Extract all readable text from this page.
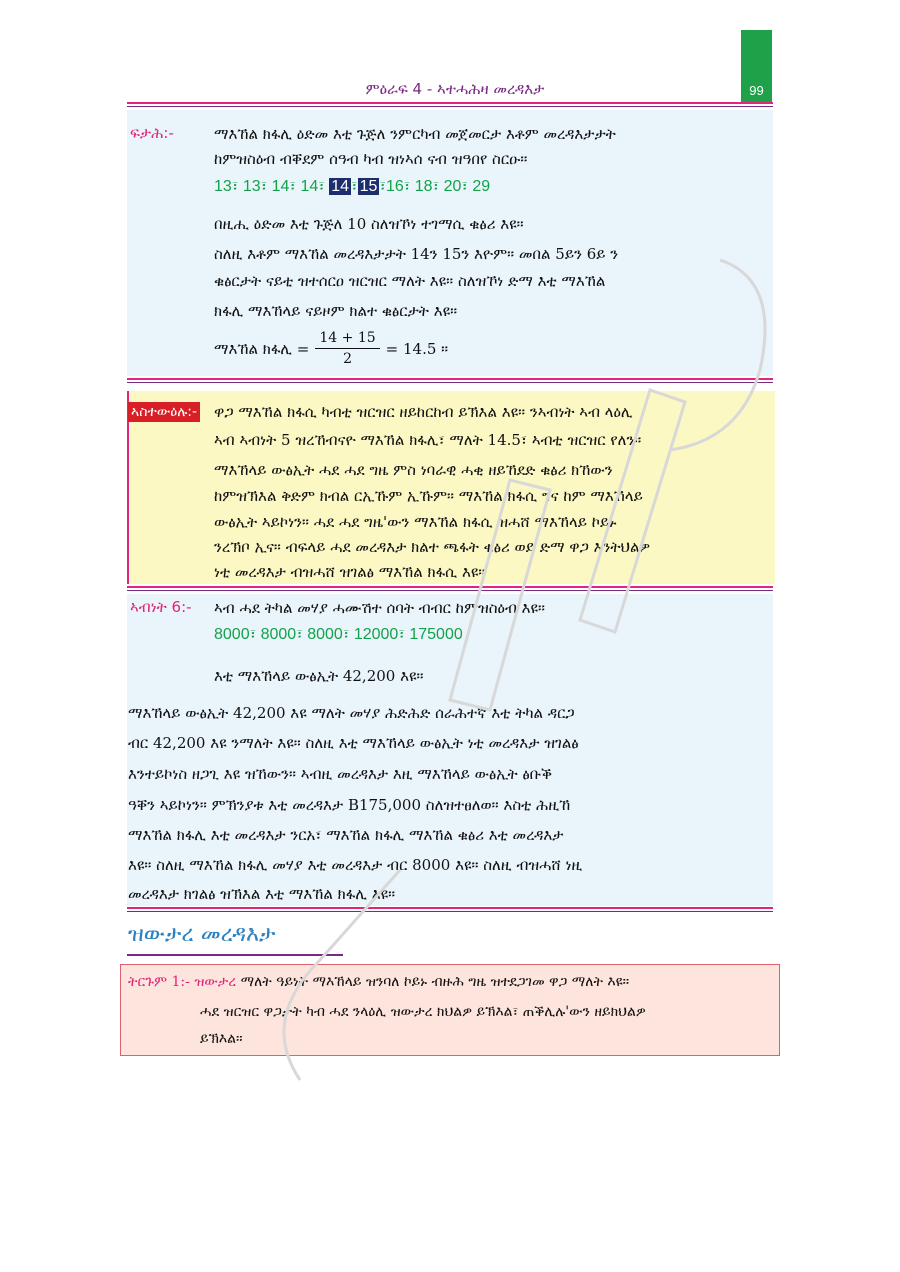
99
ምዕራፍ 4 - ኣተሓሕዛ መረዳእታ
ፍታሕ:-	ማእኸል ክፋሊ ዕድመ እቲ ጉጅለ ንምርካብ መጀመርታ እቶም መረዳእታታት
ከምዝስዕብ ብቐደም ሰዓብ ካብ ዝነኣሰ ናብ ዝዓበየ ስርዑ።
13፣ 13፣ 14፣ 14፣ 14 ፣ 15 ፣16፣ 18፣ 20፣ 29
በዚሒ ዕድመ እቲ ጉጅለ 10 ስለዝኾነ ተገማሲ ቁፅሪ እዩ።
ስለዚ እቶም ማእኸል መረዳእታታት 14ን 15ን እዮም። መበል 5ይን 6ይ ን
ቁፅርታት ናይቲ ዝተሰርዐ ዝርዝር ማለት እዩ። ስለዝኾነ ድማ እቲ ማእኸል
ክፋሊ ማእኸላይ ናይዞም ክልተ ቁፅርታት እዩ።
ማእኸል ክፋሊ = $\frac{14 + 15}{2} = 14.5$ ።
ኣስተውዕሉ:- ዋጋ ማእኸል ክፋሲ ካብቲ ዝርዝር ዘይከርከብ ይኽእል እዩ። ንኣብነት ኣብ ላዕሊ
ኣብ ኣብነት 5 ዝረኸብናዮ ማእኸል ክፋሊ፣ ማለት 14.5፣ ኣብቲ ዝርዝር የለን።
ማእኸላይ ውፅኢት ሓደ ሓደ ግዜ ምስ ነባራዊ ሓቂ ዘይኸደድ ቁፅሪ ክኸውን
ከምዝኽእል ቅድም ክብል ርኢኹም ኢኹም። ማእኸል ክፋሲ ግና ከም ማእኸላይ
ውፅኢት ኣይኮነን። ሓደ ሓደ ግዜ'ውን ማእኸል ክፋሲ ዝሓሸ ማእኸላይ ኮይኑ
ንረኽቦ ኢና። ብፍላይ ሓደ መረዳእታ ክልተ ጫፋት ቁፅሪ ወይ ድማ ዋጋ እንትህልዎ
ነቲ መረዳእታ ብዝሓሸ ዝገልፅ ማእኸል ክፋሲ እዩ።
ኣብነት 6:- ኣብ ሓደ ትካል መሃያ ሓሙሽተ ሰባት ብብር ከምዝስዕብ እዩ።
8000፣ 8000፣ 8000፣ 12000፣ 175000
እቲ ማእኸላይ ውፅኢት 42,200 እዩ።
ማእኸላይ ውፅኢት 42,200 እዩ ማለት መሃያ ሕድሕድ ሰራሕተኛ እቲ ትካል ዳርጋ
ብር 42,200 እዩ ንማለት እዩ። ስለዚ እቲ ማእኸላይ ውፅኢት ነቲ መረዳእታ ዝገልፅ
እንተይኮነስ ዘጋጊ እዩ ዝኸውን። ኣብዚ መረዳእታ እዚ ማእኸላይ ውፅኢት ፅቡቕ
ዓቐን ኣይኮነን። ምኽንያቱ እቲ መረዳእታ B175,000 ስለዝተፀለወ። እስቲ ሕዚኸ
ማእኸል ክፋሊ እቲ መረዳእታ ንርአ፣ ማእኸል ክፋሊ ማእኸል ቁፅሪ እቲ መረዳእታ
እዩ። ስለዚ ማእኸል ክፋሊ መሃያ እቲ መረዳእታ ብር 8000 እዩ። ስለዚ ብዝሓሸ ነዚ
መረዳእታ ክገልፅ ዝኽእል እቲ ማእኸል ክፋሊ እዩ።
ዝውታረ መረዳእታ
ትርጉም 1:- ዝውታረ ማለት ዓይነት ማእኸላይ ዝንባለ ኮይኑ ብዙሕ ግዜ ዝተደጋገመ ዋጋ ማለት እዩ።
ሓደ ዝርዝር ዋጋታት ካብ ሓደ ንላዕሊ ዝውታረ ክህልዎ ይኽእል፣ ጠቕሊሉ'ውን ዘይክህልዎ
ይኽእል።
